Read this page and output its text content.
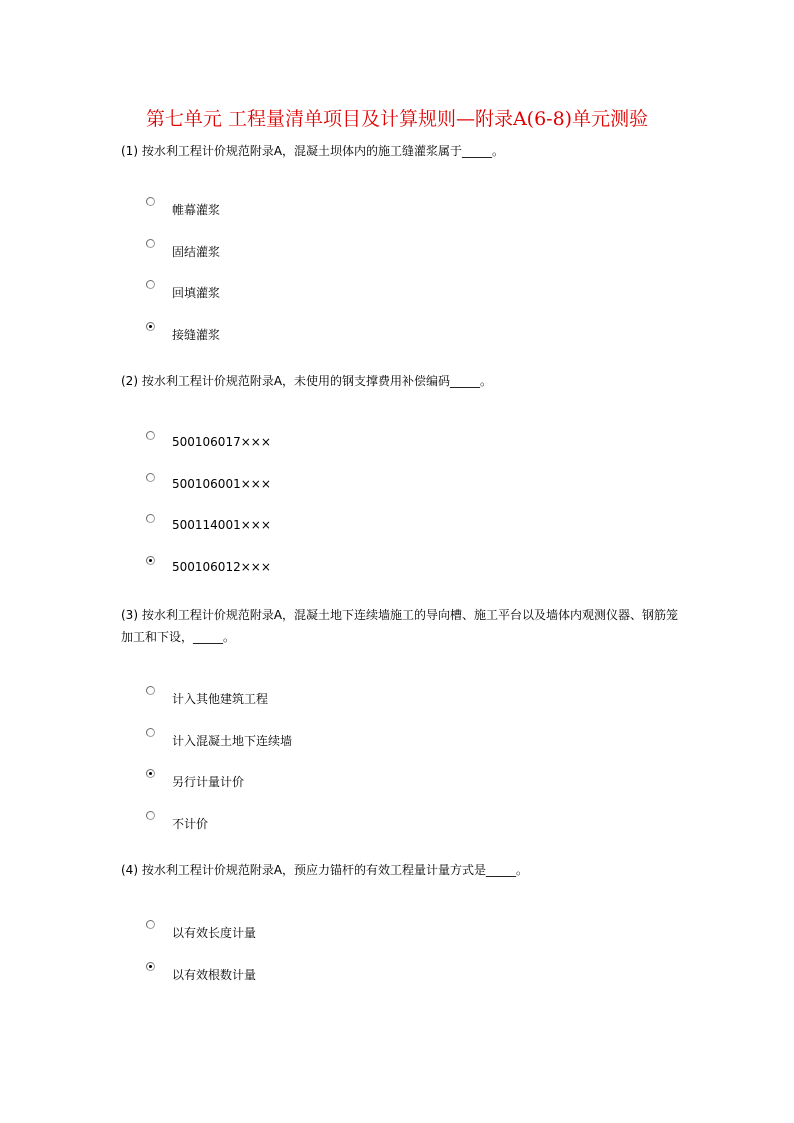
第七单元 工程量清单项目及计算规则—附录A(6-8)单元测验
(1) 按水利工程计价规范附录A，混凝土坝体内的施工缝灌浆属于_____。
帷幕灌浆
固结灌浆
回填灌浆
接缝灌浆
(2) 按水利工程计价规范附录A，未使用的钢支撑费用补偿编码_____。
500106017×××
500106001×××
500114001×××
500106012×××
(3) 按水利工程计价规范附录A，混凝土地下连续墙施工的导向槽、施工平台以及墙体内观测仪器、钢筋笼加工和下设，_____。
计入其他建筑工程
计入混凝土地下连续墙
另行计量计价
不计价
(4) 按水利工程计价规范附录A，预应力锚杆的有效工程量计量方式是_____。
以有效长度计量
以有效根数计量
